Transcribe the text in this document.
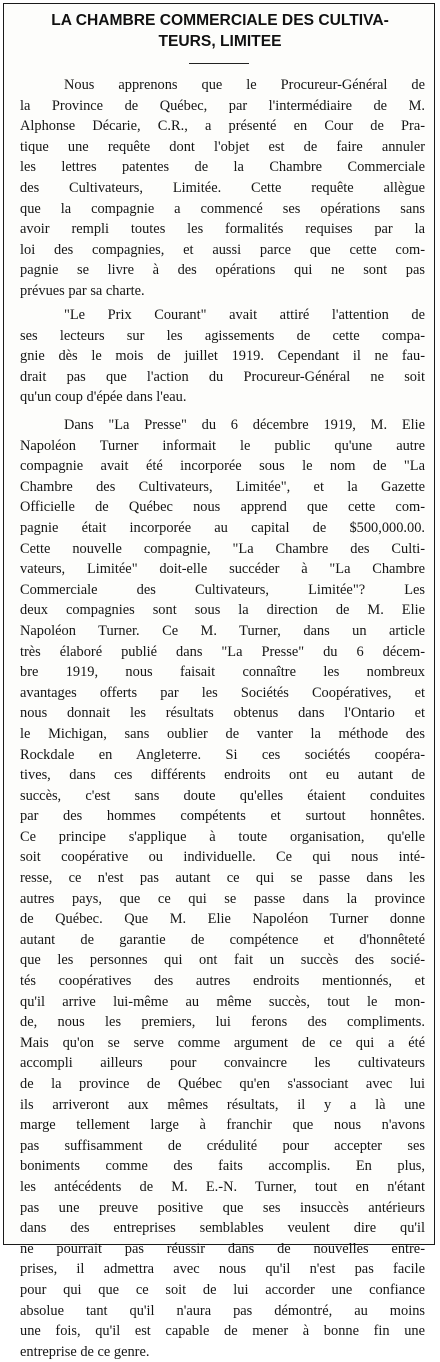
LA CHAMBRE COMMERCIALE DES CULTIVA-
TEURS, LIMITEE
Nous apprenons que le Procureur-Général de
la Province de Québec, par l'intermédiaire de M.
Alphonse Décarie, C.R., a présenté en Cour de Pra-
tique une requête dont l'objet est de faire annuler
les lettres patentes de la Chambre Commerciale
des Cultivateurs, Limitée. Cette requête allègue
que la compagnie a commencé ses opérations sans
avoir rempli toutes les formalités requises par la
loi des compagnies, et aussi parce que cette com-
pagnie se livre à des opérations qui ne sont pas
prévues par sa charte.
"Le Prix Courant" avait attiré l'attention de
ses lecteurs sur les agissements de cette compa-
gnie dès le mois de juillet 1919. Cependant il ne fau-
drait pas que l'action du Procureur-Général ne soit
qu'un coup d'épée dans l'eau.
Dans "La Presse" du 6 décembre 1919, M. Elie
Napoléon Turner informait le public qu'une autre
compagnie avait été incorporée sous le nom de "La
Chambre des Cultivateurs, Limitée", et la Gazette
Officielle de Québec nous apprend que cette com-
pagnie était incorporée au capital de $500,000.00.
Cette nouvelle compagnie, "La Chambre des Culti-
vateurs, Limitée" doit-elle succéder à "La Chambre
Commerciale des Cultivateurs, Limitée"? Les
deux compagnies sont sous la direction de M. Elie
Napoléon Turner. Ce M. Turner, dans un article
très élaboré publié dans "La Presse" du 6 décem-
bre 1919, nous faisait connaître les nombreux
avantages offerts par les Sociétés Coopératives, et
nous donnait les résultats obtenus dans l'Ontario et
le Michigan, sans oublier de vanter la méthode des
Rockdale en Angleterre. Si ces sociétés coopéra-
tives, dans ces différents endroits ont eu autant de
succès, c'est sans doute qu'elles étaient conduites
par des hommes compétents et surtout honnêtes.
Ce principe s'applique à toute organisation, qu'elle
soit coopérative ou individuelle. Ce qui nous inté-
resse, ce n'est pas autant ce qui se passe dans les
autres pays, que ce qui se passe dans la province
de Québec. Que M. Elie Napoléon Turner donne
autant de garantie de compétence et d'honnêteté
que les personnes qui ont fait un succès des socié-
tés coopératives des autres endroits mentionnés, et
qu'il arrive lui-même au même succès, tout le mon-
de, nous les premiers, lui ferons des compliments.
Mais qu'on se serve comme argument de ce qui a été
accompli ailleurs pour convaincre les cultivateurs
de la province de Québec qu'en s'associant avec lui
ils arriveront aux mêmes résultats, il y a là une
marge tellement large à franchir que nous n'avons
pas suffisamment de crédulité pour accepter ses
boniments comme des faits accomplis. En plus,
les antécédents de M. E.-N. Turner, tout en n'étant
pas une preuve positive que ses insuccès antérieurs
dans des entreprises semblables veulent dire qu'il
ne pourrait pas réussir dans de nouvelles entre-
prises, il admettra avec nous qu'il n'est pas facile
pour qui que ce soit de lui accorder une confiance
absolue tant qu'il n'aura pas démontré, au moins
une fois, qu'il est capable de mener à bonne fin une
entreprise de ce genre.
